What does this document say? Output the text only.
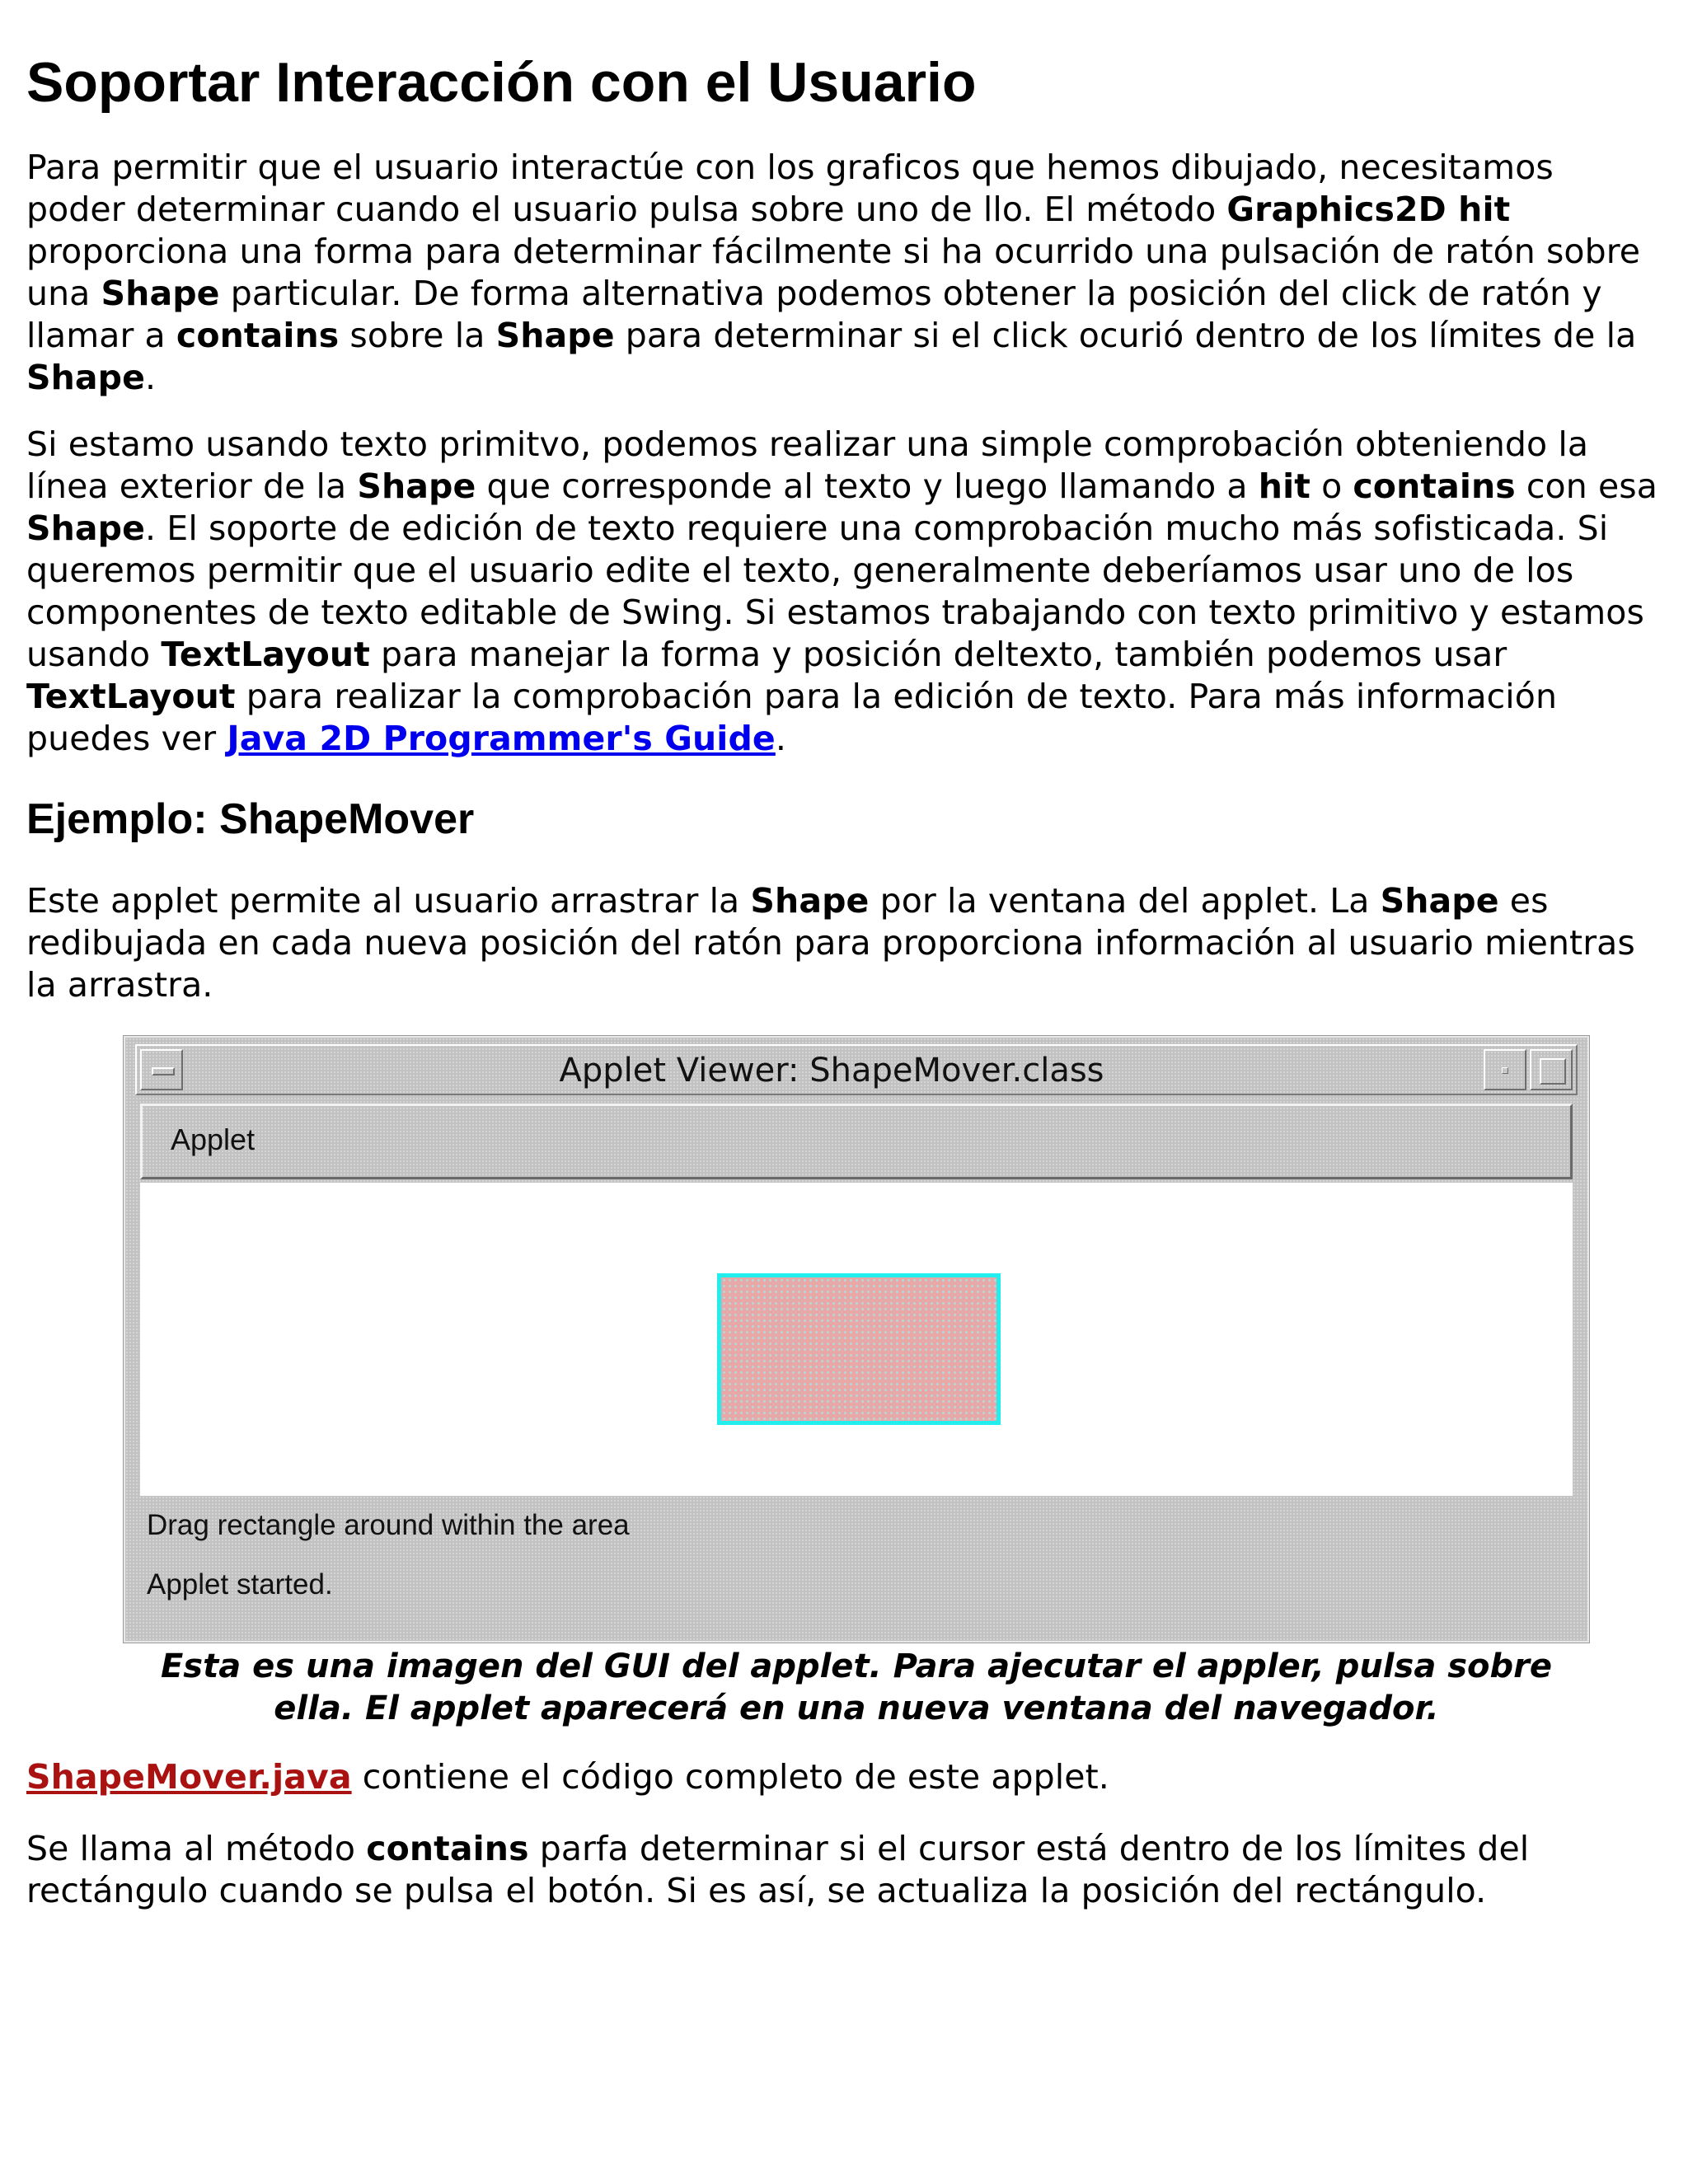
Soportar Interacción con el Usuario

Para permitir que el usuario interactúe con los graficos que hemos dibujado, necesitamos poder determinar cuando el usuario pulsa sobre uno de llo. El método Graphics2D hit proporciona una forma para determinar fácilmente si ha ocurrido una pulsación de ratón sobre una Shape particular. De forma alternativa podemos obtener la posición del click de ratón y llamar a contains sobre la Shape para determinar si el click ocurió dentro de los límites de la Shape.

Si estamo usando texto primitvo, podemos realizar una simple comprobación obteniendo la línea exterior de la Shape que corresponde al texto y luego llamando a hit o contains con esa Shape. El soporte de edición de texto requiere una comprobación mucho más sofisticada. Si queremos permitir que el usuario edite el texto, generalmente deberíamos usar uno de los componentes de texto editable de Swing. Si estamos trabajando con texto primitivo y estamos usando TextLayout para manejar la forma y posición deltexto, también podemos usar TextLayout para realizar la comprobación para la edición de texto. Para más información puedes ver Java 2D Programmer's Guide.

Ejemplo: ShapeMover

Este applet permite al usuario arrastrar la Shape por la ventana del applet. La Shape es redibujada en cada nueva posición del ratón para proporciona información al usuario mientras la arrastra.

Applet Viewer: ShapeMover.class
Applet
Drag rectangle around within the area
Applet started.
Esta es una imagen del GUI del applet. Para ajecutar el appler, pulsa sobre ella. El applet aparecerá en una nueva ventana del navegador.

ShapeMover.java contiene el código completo de este applet.

Se llama al método contains parfa determinar si el cursor está dentro de los límites del rectángulo cuando se pulsa el botón. Si es así, se actualiza la posición del rectángulo.
